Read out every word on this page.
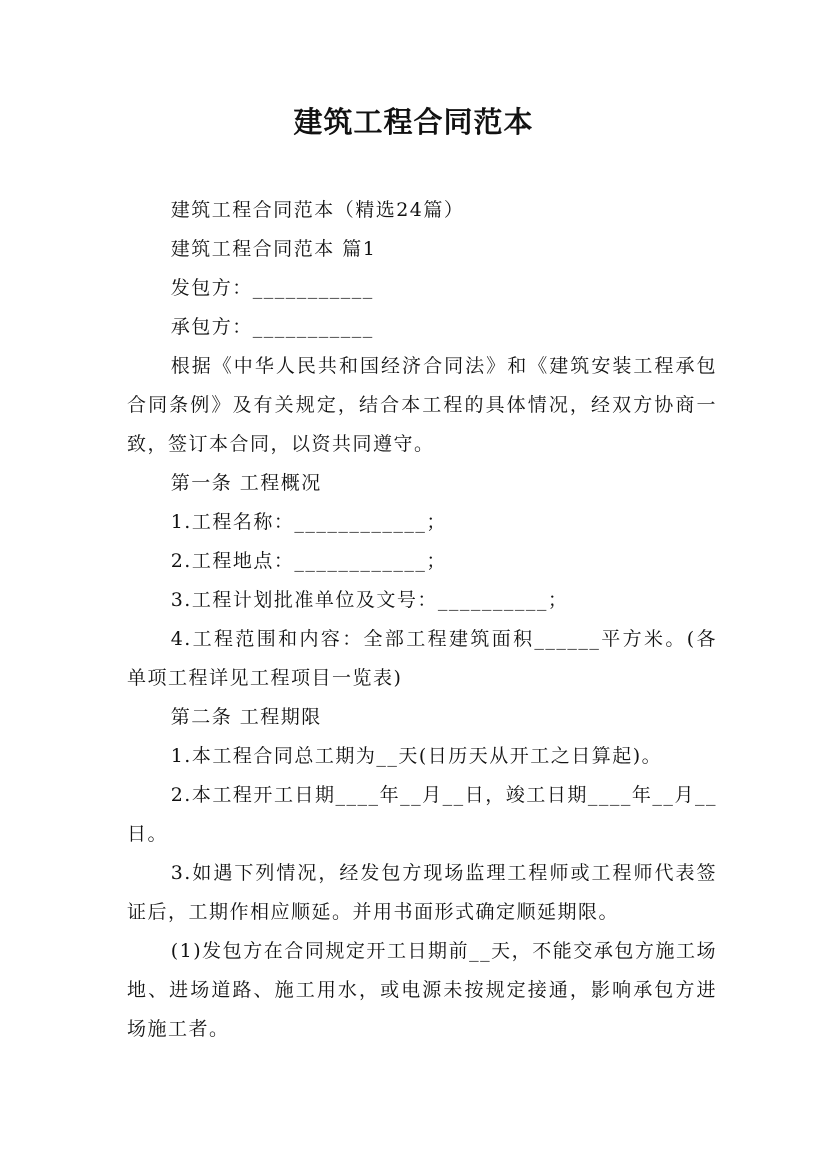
建筑工程合同范本

建筑工程合同范本（精选24篇）

建筑工程合同范本 篇1

发包方：___________

承包方：___________

根据《中华人民共和国经济合同法》和《建筑安装工程承包合同条例》及有关规定，结合本工程的具体情况，经双方协商一致，签订本合同，以资共同遵守。

第一条 工程概况

1.工程名称：____________；

2.工程地点：____________；

3.工程计划批准单位及文号：__________；

4.工程范围和内容：全部工程建筑面积______平方米。(各单项工程详见工程项目一览表)

第二条 工程期限

1.本工程合同总工期为__天(日历天从开工之日算起)。

2.本工程开工日期____年__月__日，竣工日期____年__月__日。

3.如遇下列情况，经发包方现场监理工程师或工程师代表签证后，工期作相应顺延。并用书面形式确定顺延期限。

(1)发包方在合同规定开工日期前__天，不能交承包方施工场地、进场道路、施工用水，或电源未按规定接通，影响承包方进场施工者。
